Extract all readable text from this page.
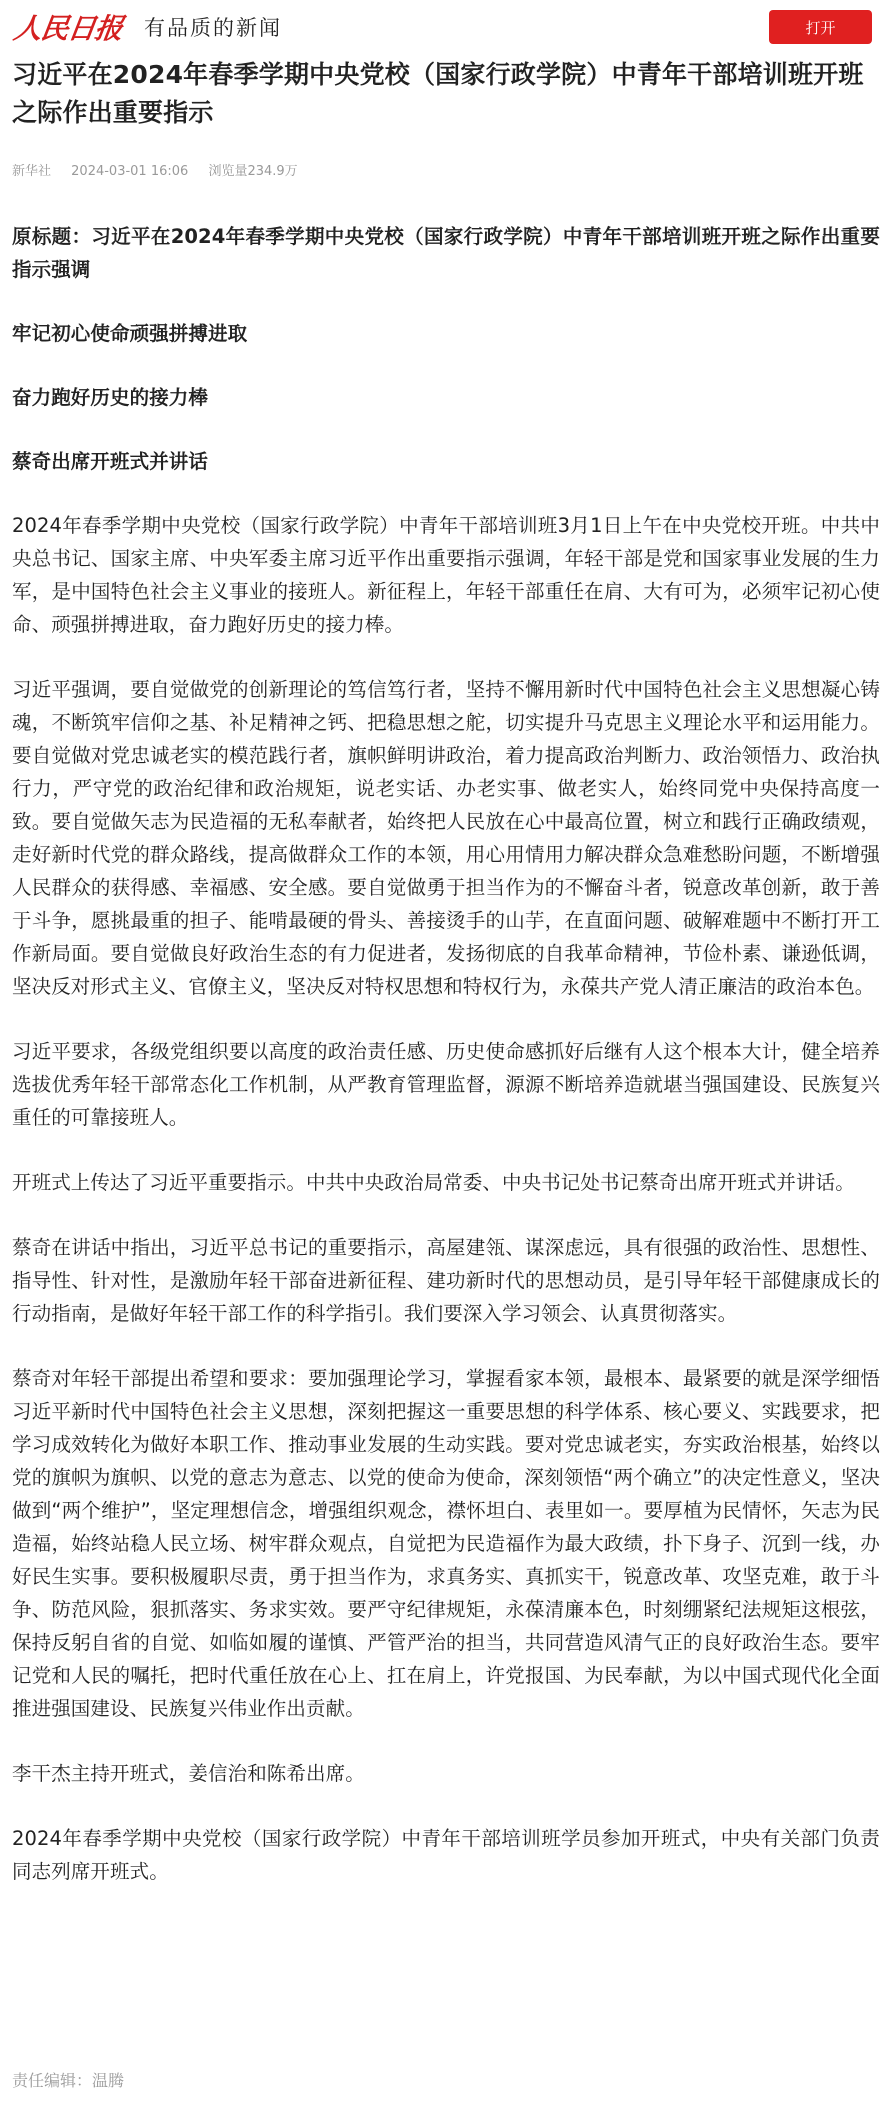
人民日报 有品质的新闻	打开
习近平在2024年春季学期中央党校（国家行政学院）中青年干部培训班开班之际作出重要指示
新华社 2024-03-01 16:06 浏览量234.9万

原标题：习近平在2024年春季学期中央党校（国家行政学院）中青年干部培训班开班之际作出重要指示强调

牢记初心使命顽强拼搏进取

奋力跑好历史的接力棒

蔡奇出席开班式并讲话

2024年春季学期中央党校（国家行政学院）中青年干部培训班3月1日上午在中央党校开班。中共中央总书记、国家主席、中央军委主席习近平作出重要指示强调，年轻干部是党和国家事业发展的生力军，是中国特色社会主义事业的接班人。新征程上，年轻干部重任在肩、大有可为，必须牢记初心使命、顽强拼搏进取，奋力跑好历史的接力棒。

习近平强调，要自觉做党的创新理论的笃信笃行者，坚持不懈用新时代中国特色社会主义思想凝心铸魂，不断筑牢信仰之基、补足精神之钙、把稳思想之舵，切实提升马克思主义理论水平和运用能力。要自觉做对党忠诚老实的模范践行者，旗帜鲜明讲政治，着力提高政治判断力、政治领悟力、政治执行力，严守党的政治纪律和政治规矩，说老实话、办老实事、做老实人，始终同党中央保持高度一致。要自觉做矢志为民造福的无私奉献者，始终把人民放在心中最高位置，树立和践行正确政绩观，走好新时代党的群众路线，提高做群众工作的本领，用心用情用力解决群众急难愁盼问题，不断增强人民群众的获得感、幸福感、安全感。要自觉做勇于担当作为的不懈奋斗者，锐意改革创新，敢于善于斗争，愿挑最重的担子、能啃最硬的骨头、善接烫手的山芋，在直面问题、破解难题中不断打开工作新局面。要自觉做良好政治生态的有力促进者，发扬彻底的自我革命精神，节俭朴素、谦逊低调，坚决反对形式主义、官僚主义，坚决反对特权思想和特权行为，永葆共产党人清正廉洁的政治本色。

习近平要求，各级党组织要以高度的政治责任感、历史使命感抓好后继有人这个根本大计，健全培养选拔优秀年轻干部常态化工作机制，从严教育管理监督，源源不断培养造就堪当强国建设、民族复兴重任的可靠接班人。

开班式上传达了习近平重要指示。中共中央政治局常委、中央书记处书记蔡奇出席开班式并讲话。

蔡奇在讲话中指出，习近平总书记的重要指示，高屋建瓴、谋深虑远，具有很强的政治性、思想性、指导性、针对性，是激励年轻干部奋进新征程、建功新时代的思想动员，是引导年轻干部健康成长的行动指南，是做好年轻干部工作的科学指引。我们要深入学习领会、认真贯彻落实。

蔡奇对年轻干部提出希望和要求：要加强理论学习，掌握看家本领，最根本、最紧要的就是深学细悟习近平新时代中国特色社会主义思想，深刻把握这一重要思想的科学体系、核心要义、实践要求，把学习成效转化为做好本职工作、推动事业发展的生动实践。要对党忠诚老实，夯实政治根基，始终以党的旗帜为旗帜、以党的意志为意志、以党的使命为使命，深刻领悟“两个确立”的决定性意义，坚决做到“两个维护”，坚定理想信念，增强组织观念，襟怀坦白、表里如一。要厚植为民情怀，矢志为民造福，始终站稳人民立场、树牢群众观点，自觉把为民造福作为最大政绩，扑下身子、沉到一线，办好民生实事。要积极履职尽责，勇于担当作为，求真务实、真抓实干，锐意改革、攻坚克难，敢于斗争、防范风险，狠抓落实、务求实效。要严守纪律规矩，永葆清廉本色，时刻绷紧纪法规矩这根弦，保持反躬自省的自觉、如临如履的谨慎、严管严治的担当，共同营造风清气正的良好政治生态。要牢记党和人民的嘱托，把时代重任放在心上、扛在肩上，许党报国、为民奉献，为以中国式现代化全面推进强国建设、民族复兴伟业作出贡献。

李干杰主持开班式，姜信治和陈希出席。

2024年春季学期中央党校（国家行政学院）中青年干部培训班学员参加开班式，中央有关部门负责同志列席开班式。

责任编辑：温腾
